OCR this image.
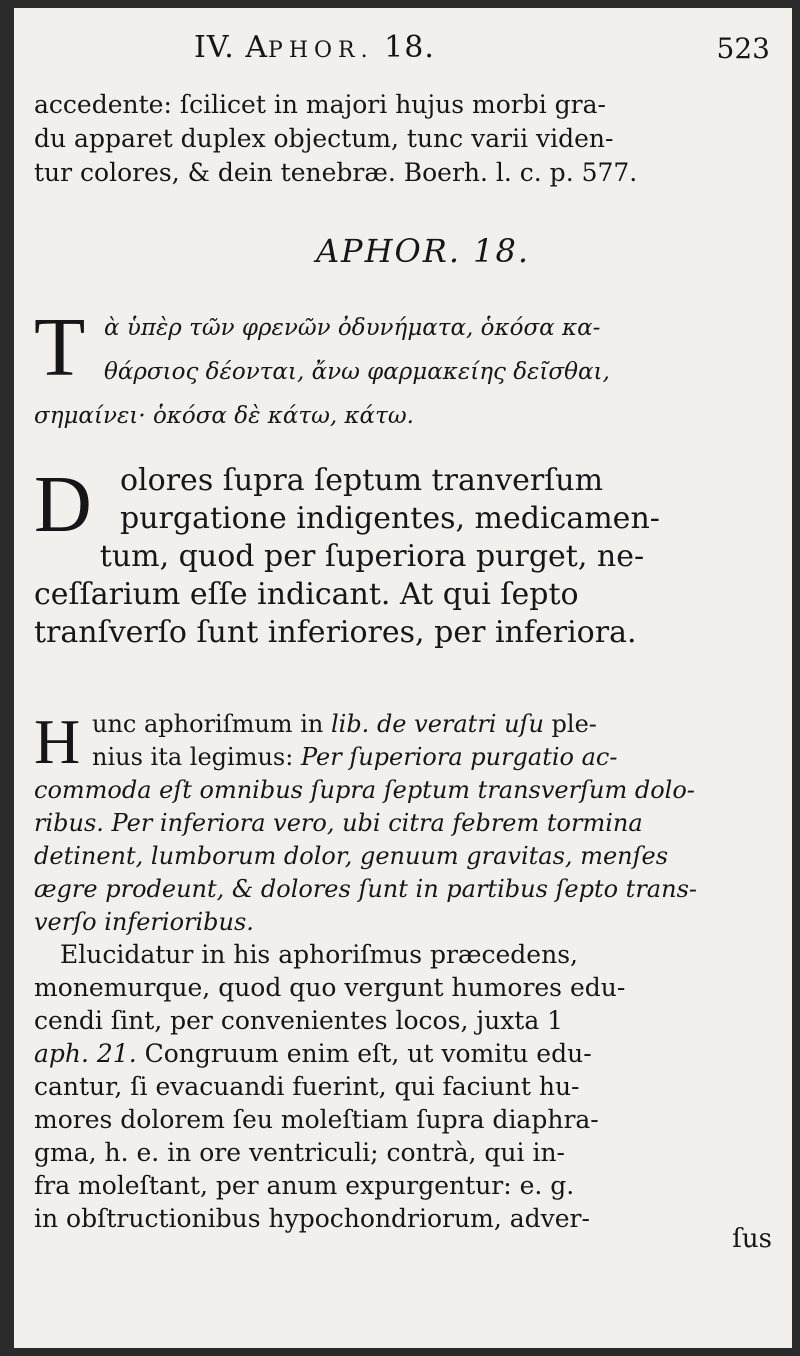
IV. APHOR. 18.	523
accedente: ſcilicet in majori hujus morbi gra-
du apparet duplex objectum, tunc varii viden-
tur colores, & dein tenebræ. Boerh. l. c. p. 577.
APHOR. 18.
Τ ὰ ὑπὲρ τῶν φρενῶν ὀδυνήματα, ὁκόσα κα-
θάρσιος δέονται, ἄνω φαρμακείης δεῖσθαι,
σημαίνει· ὁκόσα δὲ κάτω, κάτω.
D olores ſupra ſeptum tranverſum
purgatione indigentes, medicamen-
tum, quod per ſuperiora purget, ne-
ceſſarium eſſe indicant. At qui ſepto
tranſverſo ſunt inferiores, per inferiora.
H unc aphoriſmum in lib. de veratri uſu ple-
nius ita legimus: Per ſuperiora purgatio ac-
commoda eſt omnibus ſupra ſeptum transverſum dolo-
ribus. Per inferiora vero, ubi citra febrem tormina
detinent, lumborum dolor, genuum gravitas, menſes
ægre prodeunt, & dolores ſunt in partibus ſepto trans-
verſo inferioribus.
Elucidatur in his aphoriſmus præcedens,
monemurque, quod quo vergunt humores edu-
cendi ſint, per convenientes locos, juxta 1
aph. 21. Congruum enim eſt, ut vomitu edu-
cantur, ſi evacuandi fuerint, qui faciunt hu-
mores dolorem ſeu moleſtiam ſupra diaphra-
gma, h. e. in ore ventriculi; contrà, qui in-
fra moleſtant, per anum expurgentur: e. g.
in obſtructionibus hypochondriorum, adver-
ſus
